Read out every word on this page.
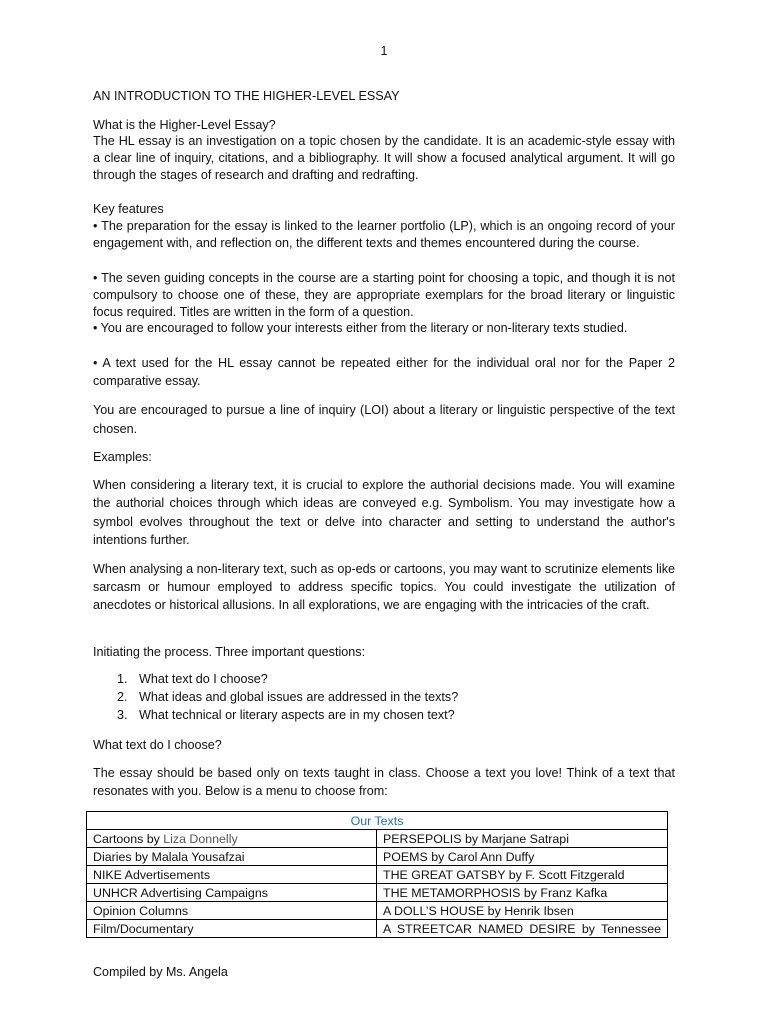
1
AN INTRODUCTION TO THE HIGHER-LEVEL ESSAY
What is the Higher-Level Essay?

The HL essay is an investigation on a topic chosen by the candidate. It is an academic-style essay with a clear line of inquiry, citations, and a bibliography. It will show a focused analytical argument. It will go through the stages of research and drafting and redrafting.

Key features

• The preparation for the essay is linked to the learner portfolio (LP), which is an ongoing record of your engagement with, and reflection on, the different texts and themes encountered during the course.

• The seven guiding concepts in the course are a starting point for choosing a topic, and though it is not compulsory to choose one of these, they are appropriate exemplars for the broad literary or linguistic focus required. Titles are written in the form of a question.

• You are encouraged to follow your interests either from the literary or non-literary texts studied.

• A text used for the HL essay cannot be repeated either for the individual oral nor for the Paper 2 comparative essay.

You are encouraged to pursue a line of inquiry (LOI) about a literary or linguistic perspective of the text chosen.

Examples:

When considering a literary text, it is crucial to explore the authorial decisions made. You will examine the authorial choices through which ideas are conveyed e.g. Symbolism. You may investigate how a symbol evolves throughout the text or delve into character and setting to understand the author's intentions further.

When analysing a non-literary text, such as op-eds or cartoons, you may want to scrutinize elements like sarcasm or humour employed to address specific topics. You could investigate the utilization of anecdotes or historical allusions. In all explorations, we are engaging with the intricacies of the craft.

Initiating the process. Three important questions:
1. What text do I choose?
2. What ideas and global issues are addressed in the texts?
3. What technical or literary aspects are in my chosen text?
What text do I choose?

The essay should be based only on texts taught in class. Choose a text you love! Think of a text that resonates with you. Below is a menu to choose from:

Our Texts	
Cartoons by Liza Donnelly	PERSEPOLIS by Marjane Satrapi
Diaries by Malala Yousafzai	POEMS by Carol Ann Duffy
NIKE Advertisements	THE GREAT GATSBY by F. Scott Fitzgerald
UNHCR Advertising Campaigns	THE METAMORPHOSIS by Franz Kafka
Opinion Columns	A DOLL’S HOUSE by Henrik Ibsen
Film/Documentary	A STREETCAR NAMED DESIRE by Tennessee
Compiled by Ms. Angela
